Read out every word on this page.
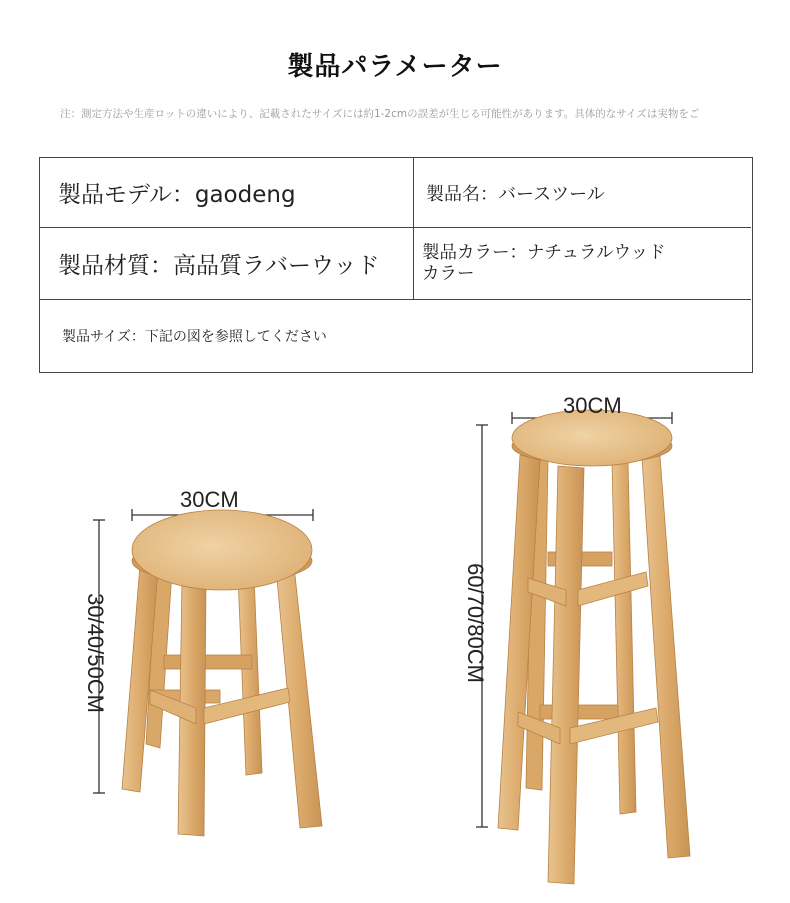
製品パラメーター
注：測定方法や生産ロットの違いにより、記載されたサイズには約1-2cmの誤差が生じる可能性があります。具体的なサイズは実物をご
製品モデル：gaodeng	製品名：バースツール
製品材質：高品質ラバーウッド
製品カラー：ナチュラルウッドカラー
製品サイズ：下記の図を参照してください
30CM
30/40/50CM
30CM
60/70/80CM
